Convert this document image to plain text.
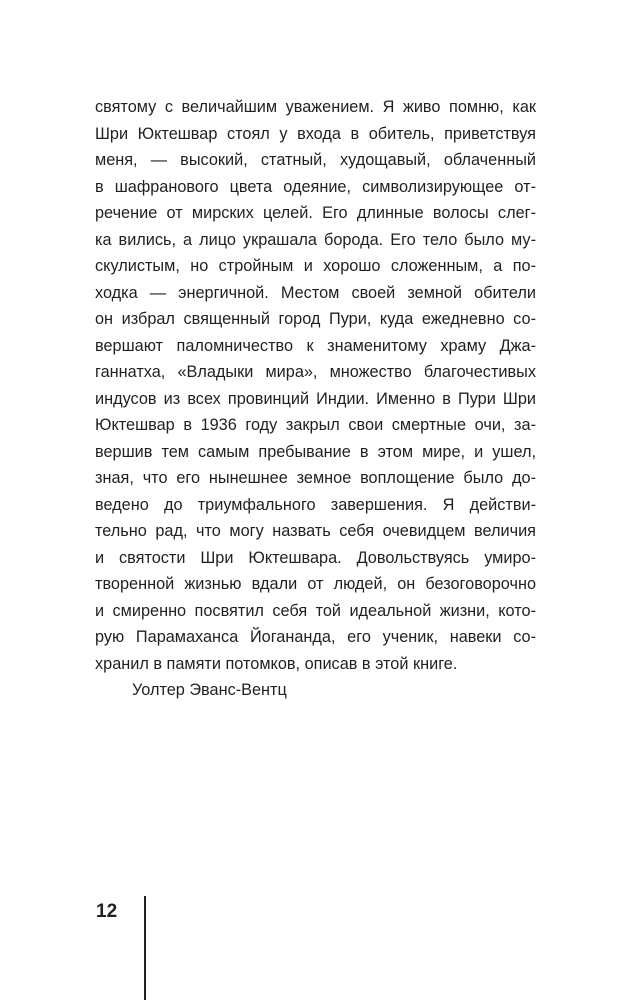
святому с величайшим уважением. Я живо помню, как
Шри Юктешвар стоял у входа в обитель, приветствуя
меня, — высокий, статный, худощавый, облаченный
в шафранового цвета одеяние, символизирующее от-
речение от мирских целей. Его длинные волосы слег-
ка вились, а лицо украшала борода. Его тело было му-
скулистым, но стройным и хорошо сложенным, а по-
ходка — энергичной. Местом своей земной обители
он избрал священный город Пури, куда ежедневно со-
вершают паломничество к знаменитому храму Джа-
ганнатха, «Владыки мира», множество благочестивых
индусов из всех провинций Индии. Именно в Пури Шри
Юктешвар в 1936 году закрыл свои смертные очи, за-
вершив тем самым пребывание в этом мире, и ушел,
зная, что его нынешнее земное воплощение было до-
ведено до триумфального завершения. Я действи-
тельно рад, что могу назвать себя очевидцем величия
и святости Шри Юктешвара. Довольствуясь умиро-
творенной жизнью вдали от людей, он безоговорочно
и смиренно посвятил себя той идеальной жизни, кото-
рую Парамаханса Йогананда, его ученик, навеки со-
хранил в памяти потомков, описав в этой книге.
Уолтер Эванс-Вентц
12
